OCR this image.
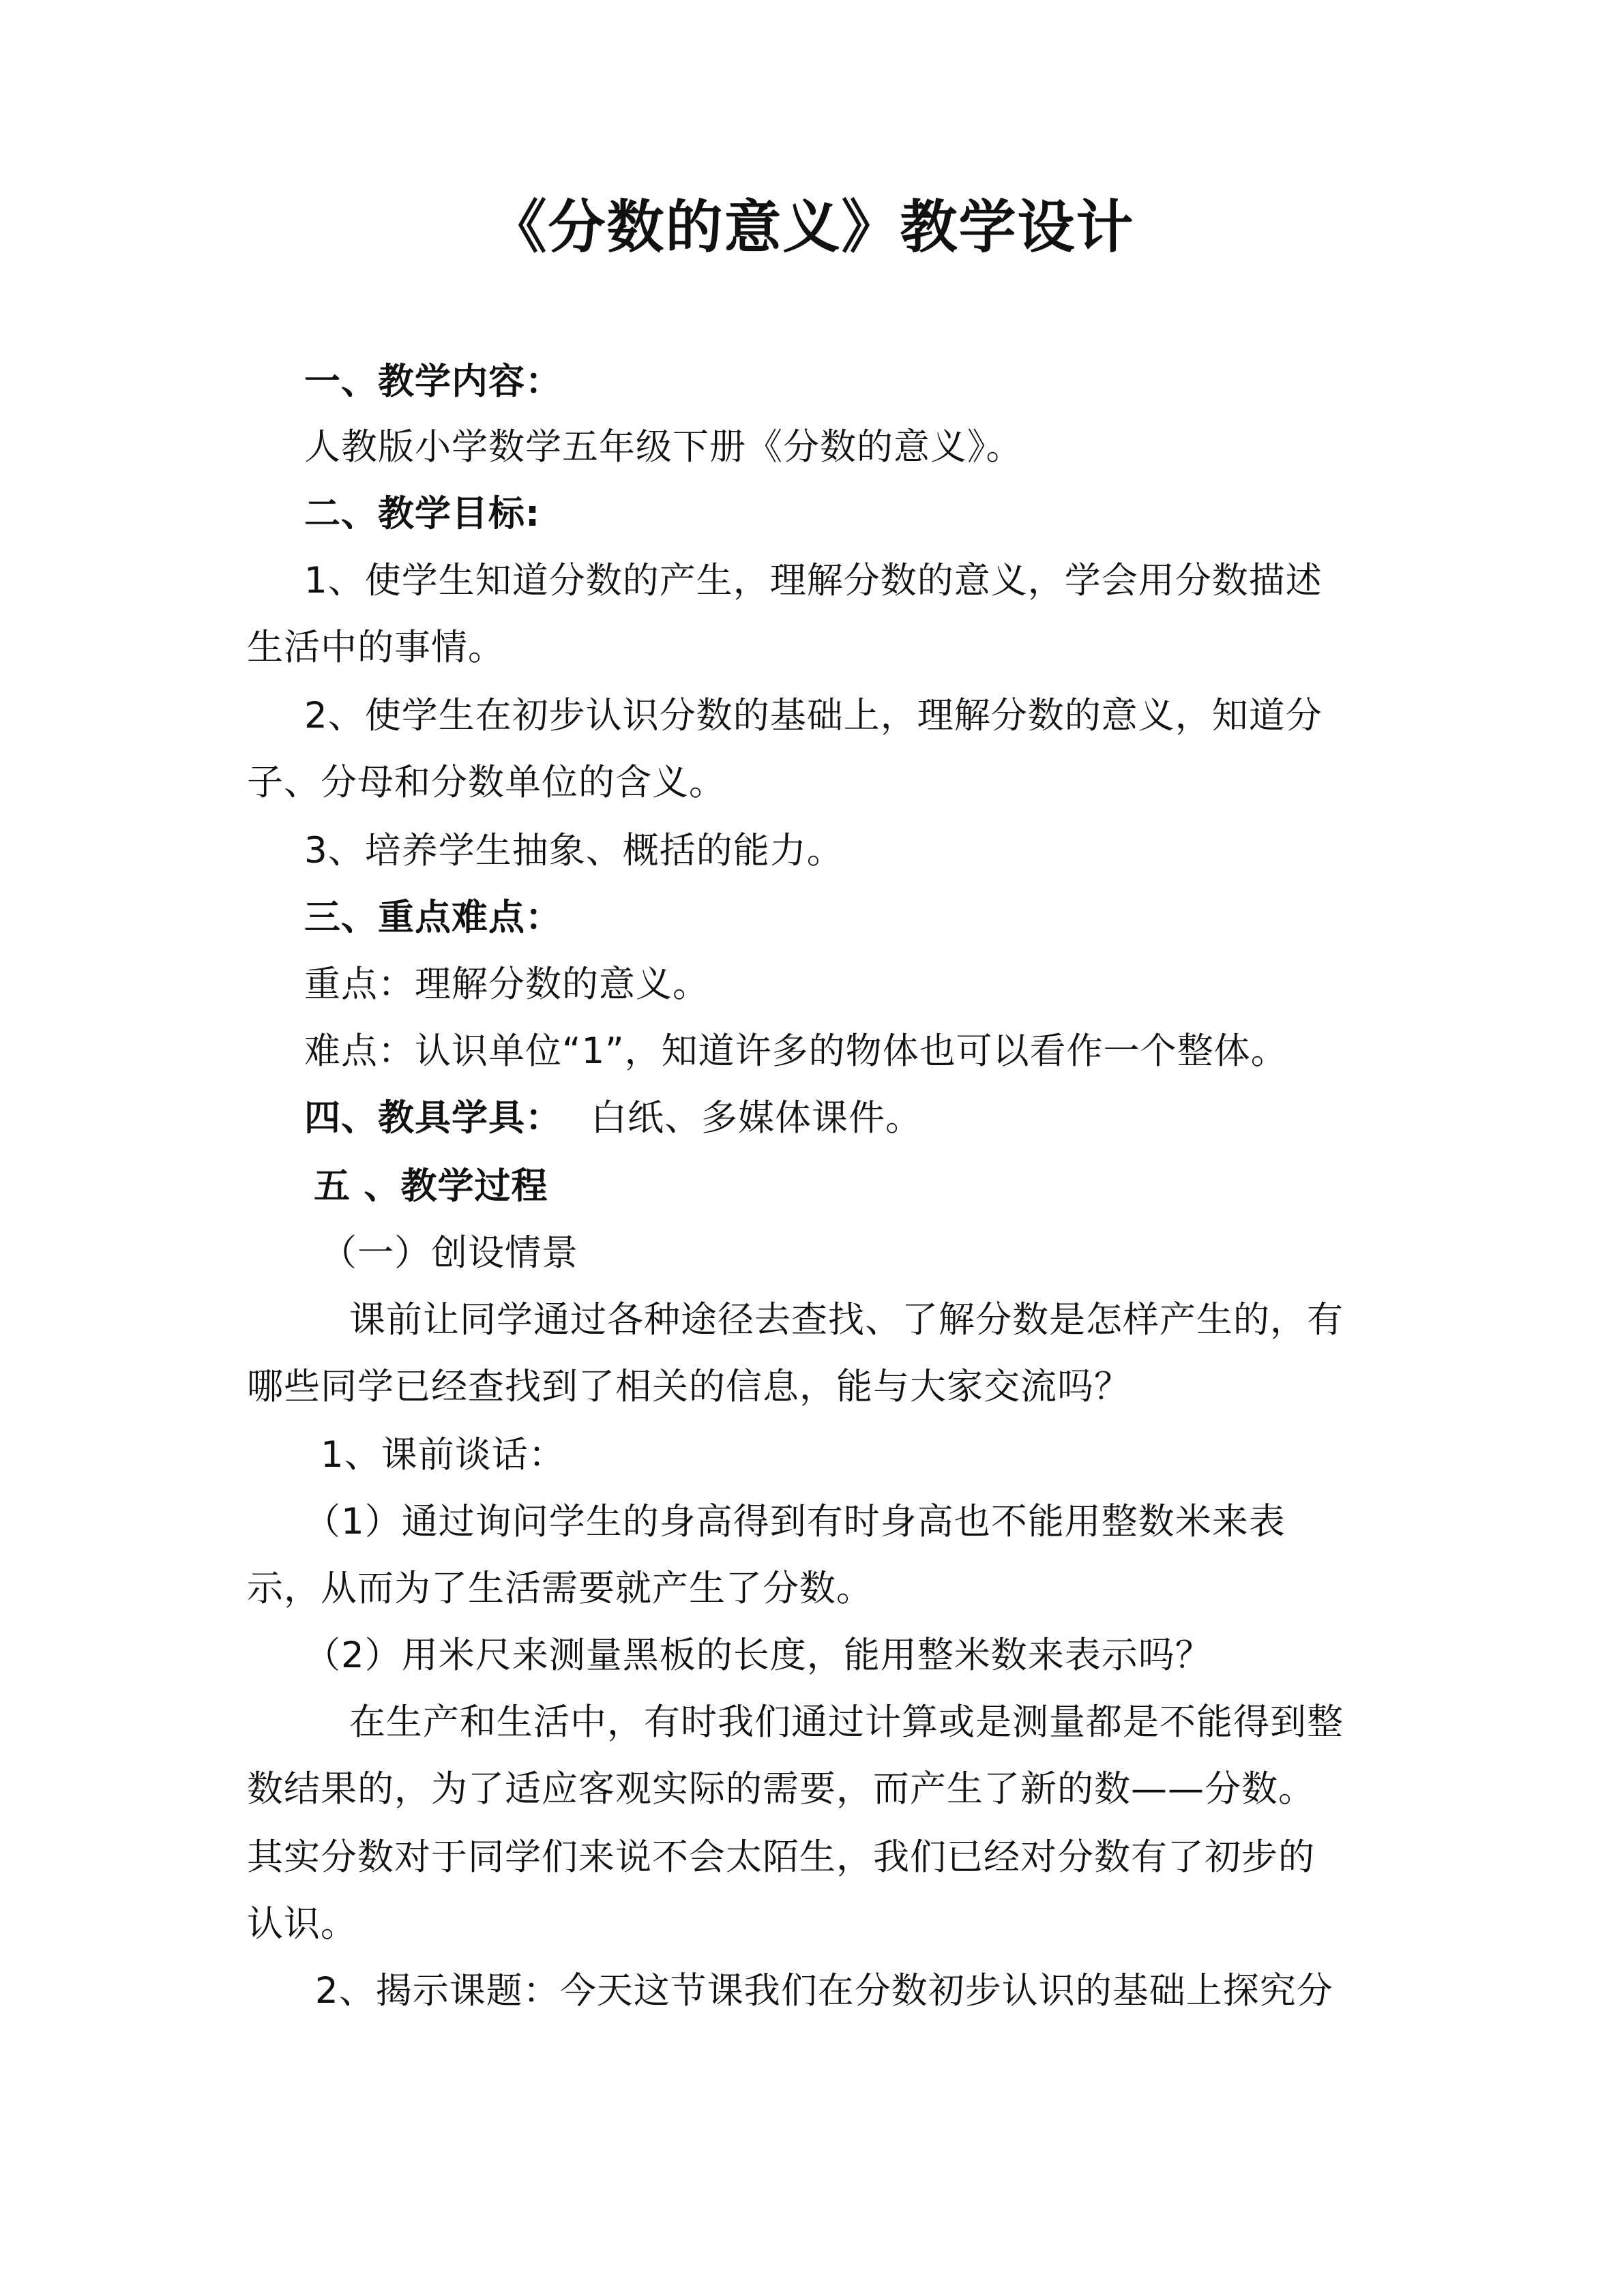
《分数的意义》教学设计
一、教学内容：
人教版小学数学五年级下册《分数的意义》。
二、教学目标:
1、使学生知道分数的产生，理解分数的意义，学会用分数描述
生活中的事情。
2、使学生在初步认识分数的基础上，理解分数的意义，知道分
子、分母和分数单位的含义。
3、培养学生抽象、概括的能力。
三、重点难点：
重点：理解分数的意义。
难点：认识单位“1”，知道许多的物体也可以看作一个整体。
四、教具学具： 白纸、多媒体课件。
五 、教学过程
（一）创设情景
课前让同学通过各种途径去查找、了解分数是怎样产生的，有
哪些同学已经查找到了相关的信息，能与大家交流吗？
1、课前谈话：
（1）通过询问学生的身高得到有时身高也不能用整数米来表
示，从而为了生活需要就产生了分数。
（2）用米尺来测量黑板的长度，能用整米数来表示吗？
在生产和生活中，有时我们通过计算或是测量都是不能得到整
数结果的，为了适应客观实际的需要，而产生了新的数——分数。
其实分数对于同学们来说不会太陌生，我们已经对分数有了初步的
认识。
2、揭示课题：今天这节课我们在分数初步认识的基础上探究分
